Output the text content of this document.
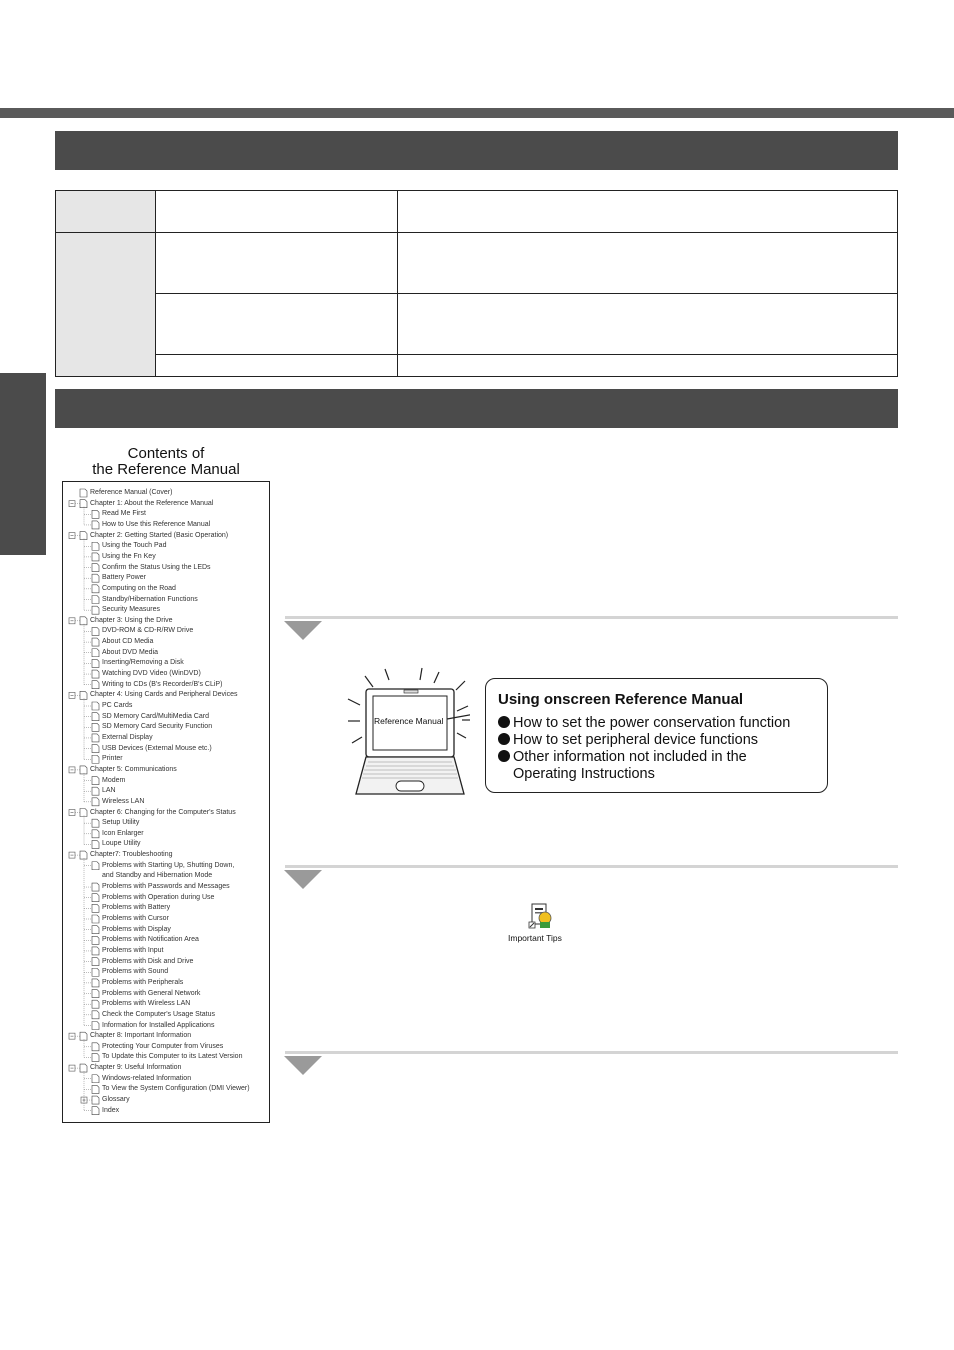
Contents of
the Reference Manual
Reference Manual (Cover)
Chapter 1: About the Reference Manual
Read Me First
How to Use this Reference Manual
Chapter 2: Getting Started (Basic Operation)
Using the Touch Pad
Using the Fn Key
Confirm the Status Using the LEDs
Battery Power
Computing on the Road
Standby/Hibernation Functions
Security Measures
Chapter 3: Using the Drive
DVD-ROM & CD-R/RW Drive
About CD Media
About DVD Media
Inserting/Removing a Disk
Watching DVD Video (WinDVD)
Writing to CDs (B's Recorder/B's CLiP)
Chapter 4: Using Cards and Peripheral Devices
PC Cards
SD Memory Card/MultiMedia Card
SD Memory Card Security Function
External Display
USB Devices (External Mouse etc.)
Printer
Chapter 5: Communications
Modem
LAN
Wireless LAN
Chapter 6: Changing for the Computer's Status
Setup Utility
Icon Enlarger
Loupe Utility
Chapter7: Troubleshooting
Problems with Starting Up, Shutting Down,
and Standby and Hibernation Mode
Problems with Passwords and Messages
Problems with Operation during Use
Problems with Battery
Problems with Cursor
Problems with Display
Problems with Notification Area
Problems with Input
Problems with Disk and Drive
Problems with Sound
Problems with Peripherals
Problems with General Network
Problems with Wireless LAN
Check the Computer's Usage Status
Information for Installed Applications
Chapter 8: Important Information
Protecting Your Computer from Viruses
To Update this Computer to its Latest Version
Chapter 9: Useful Information
Windows-related Information
To View the System Configuration (DMI Viewer)
Glossary
Index
Reference Manual
Using onscreen Reference Manual
How to set the power conservation function
How to set peripheral device functions
Other information not included in the
Operating Instructions
Important Tips
